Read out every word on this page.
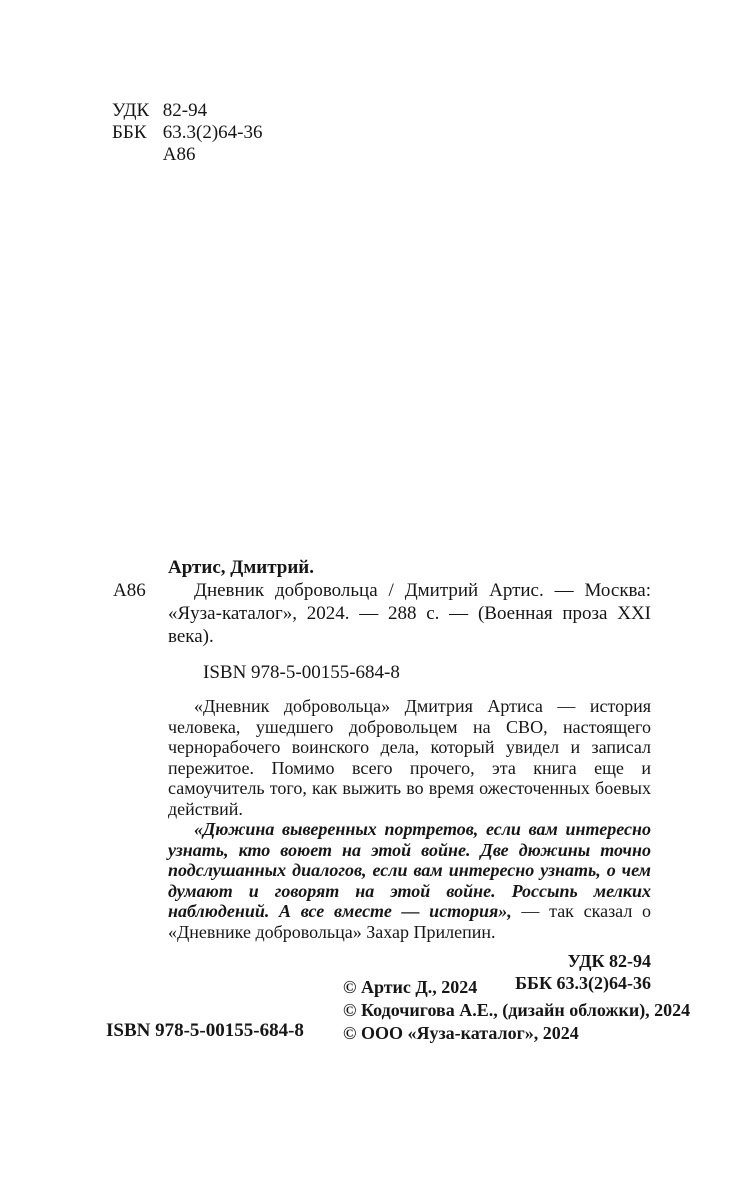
УДК 82-94
ББК 63.3(2)64-36
А86
Артис, Дмитрий.
А86	Дневник добровольца / Дмитрий Артис. — Москва: «Яуза-каталог», 2024. — 288 с. — (Военная проза XXI века).

ISBN 978-5-00155-684-8

«Дневник добровольца» Дмитрия Артиса — история человека, ушедшего добровольцем на СВО, настоящего чернорабочего воинского дела, который увидел и записал пережитое. Помимо всего прочего, эта книга еще и самоучитель того, как выжить во время ожесточенных боевых действий.

«Дюжина выверенных портретов, если вам интересно узнать, кто воюет на этой войне. Две дюжины точно подслушанных диалогов, если вам интересно узнать, о чем думают и говорят на этой войне. Россыпь мелких наблюдений. А все вместе — история», — так сказал о «Дневнике добровольца» Захар Прилепин.

УДК 82-94
ББК 63.3(2)64-36
© Артис Д., 2024
© Кодочигова А.Е., (дизайн обложки), 2024
© ООО «Яуза-каталог», 2024
ISBN 978-5-00155-684-8
